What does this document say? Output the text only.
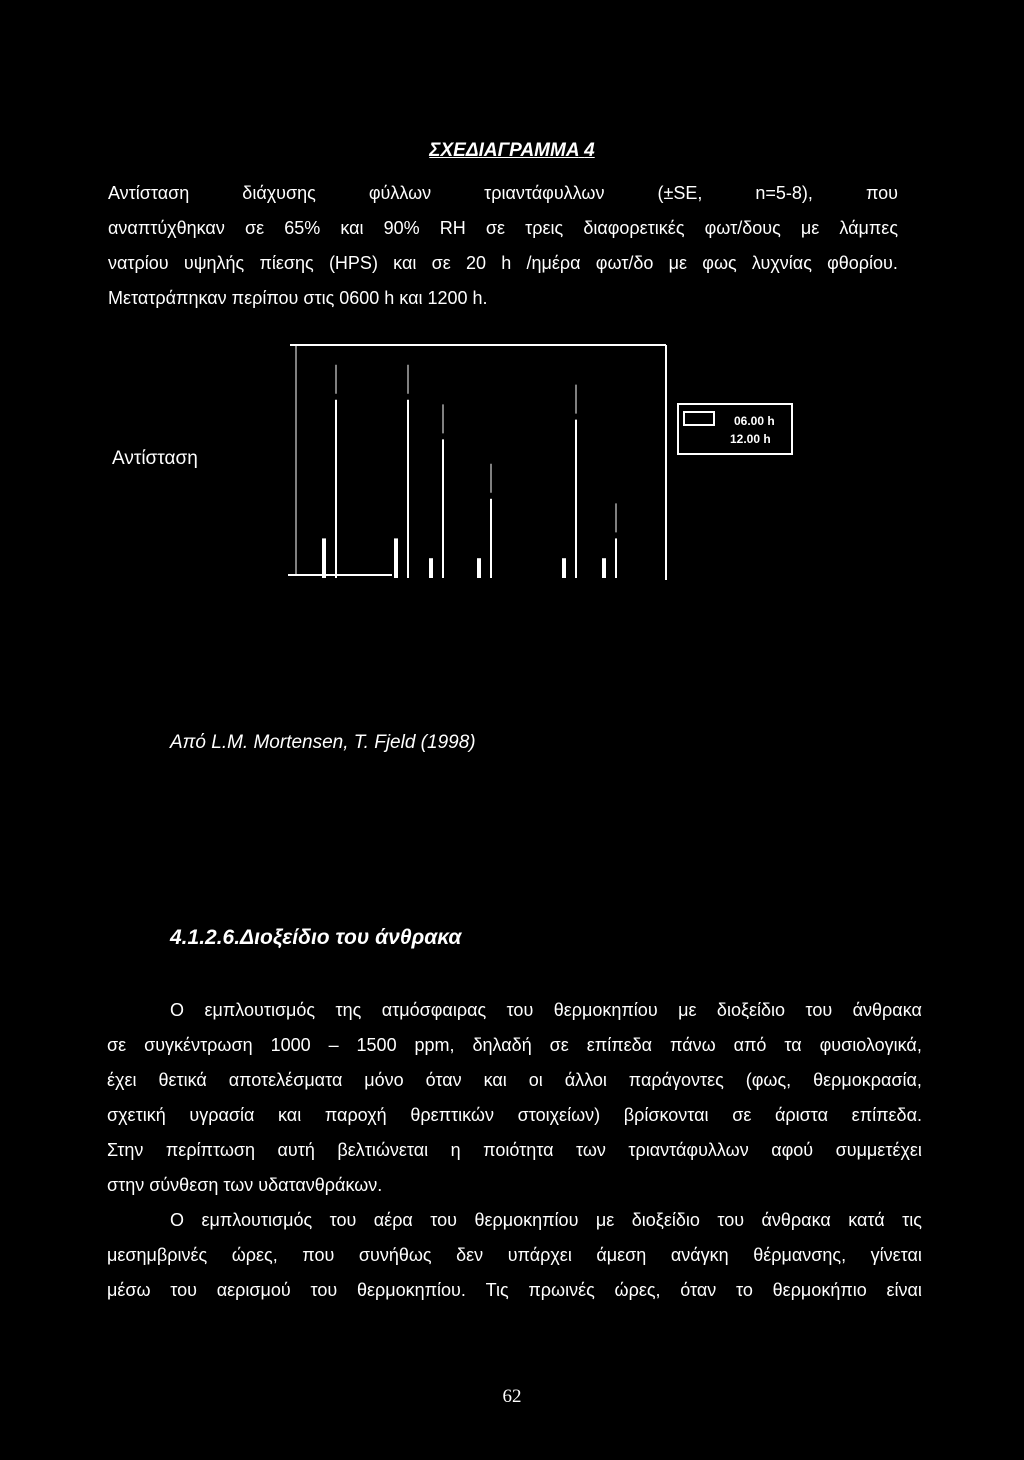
ΣΧΕΔΙΑΓΡΑΜΜΑ 4
Αντίσταση	διάχυσης	φύλλων	τριαντάφυλλων	(±SE,	n=5-8),	που
αναπτύχθηκαν σε 65% και 90% RH σε τρεις διαφορετικές φωτ/δους με λάμπες
νατρίου υψηλής πίεσης (HPS) και σε 20 h /ημέρα φωτ/δο με φως λυχνίας φθορίου.
Μετατράπηκαν περίπου στις 0600 h και 1200 h.
Αντίσταση
06.00 h
12.00 h
Από L.M. Mortensen, T. Fjeld (1998)
4.1.2.6.Διοξείδιο του άνθρακα
Ο εμπλουτισμός της ατμόσφαιρας του θερμοκηπίου με διοξείδιο του άνθρακα
σε συγκέντρωση 1000 – 1500 ppm, δηλαδή σε επίπεδα πάνω από τα φυσιολογικά,
έχει θετικά αποτελέσματα μόνο όταν και οι άλλοι παράγοντες (φως, θερμοκρασία,
σχετική υγρασία και παροχή θρεπτικών στοιχείων) βρίσκονται σε άριστα επίπεδα.
Στην περίπτωση αυτή βελτιώνεται η ποιότητα των τριαντάφυλλων αφού συμμετέχει
στην σύνθεση των υδατανθράκων.
Ο εμπλουτισμός του αέρα του θερμοκηπίου με διοξείδιο του άνθρακα κατά τις
μεσημβρινές ώρες, που συνήθως δεν υπάρχει άμεση ανάγκη θέρμανσης, γίνεται
μέσω του αερισμού του θερμοκηπίου. Τις πρωινές ώρες, όταν το θερμοκήπιο είναι
62
